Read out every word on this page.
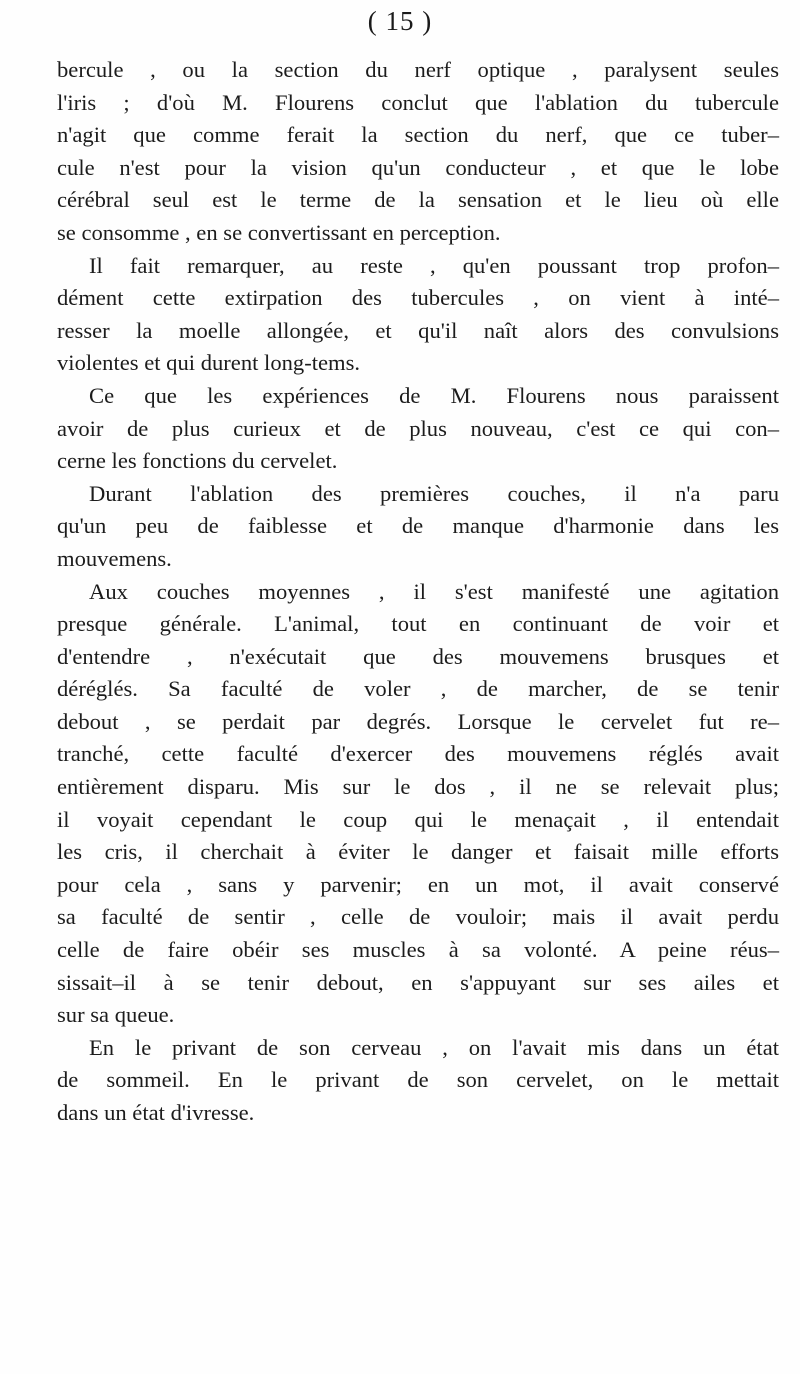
( 15 )

bercule , ou la section du nerf optique , paralysent seules

l'iris ; d'où M. Flourens conclut que l'ablation du tubercule

n'agit que comme ferait la section du nerf, que ce tuber–

cule n'est pour la vision qu'un conducteur , et que le lobe

cérébral seul est le terme de la sensation et le lieu où elle

se consomme , en se convertissant en perception.

Il fait remarquer, au reste , qu'en poussant trop profon–

dément cette extirpation des tubercules , on vient à inté–

resser la moelle allongée, et qu'il naît alors des convulsions

violentes et qui durent long-tems.

Ce que les expériences de M. Flourens nous paraissent

avoir de plus curieux et de plus nouveau, c'est ce qui con–

cerne les fonctions du cervelet.

Durant l'ablation des premières couches, il n'a paru

qu'un peu de faiblesse et de manque d'harmonie dans les

mouvemens.

Aux couches moyennes , il s'est manifesté une agitation

presque générale. L'animal, tout en continuant de voir et

d'entendre , n'exécutait que des mouvemens brusques et

déréglés. Sa faculté de voler , de marcher, de se tenir

debout , se perdait par degrés. Lorsque le cervelet fut re–

tranché, cette faculté d'exercer des mouvemens réglés avait

entièrement disparu. Mis sur le dos , il ne se relevait plus;

il voyait cependant le coup qui le menaçait , il entendait

les cris, il cherchait à éviter le danger et faisait mille efforts

pour cela , sans y parvenir; en un mot, il avait conservé

sa faculté de sentir , celle de vouloir; mais il avait perdu

celle de faire obéir ses muscles à sa volonté. A peine réus–

sissait–il à se tenir debout, en s'appuyant sur ses ailes et

sur sa queue.

En le privant de son cerveau , on l'avait mis dans un état

de sommeil. En le privant de son cervelet, on le mettait

dans un état d'ivresse.
